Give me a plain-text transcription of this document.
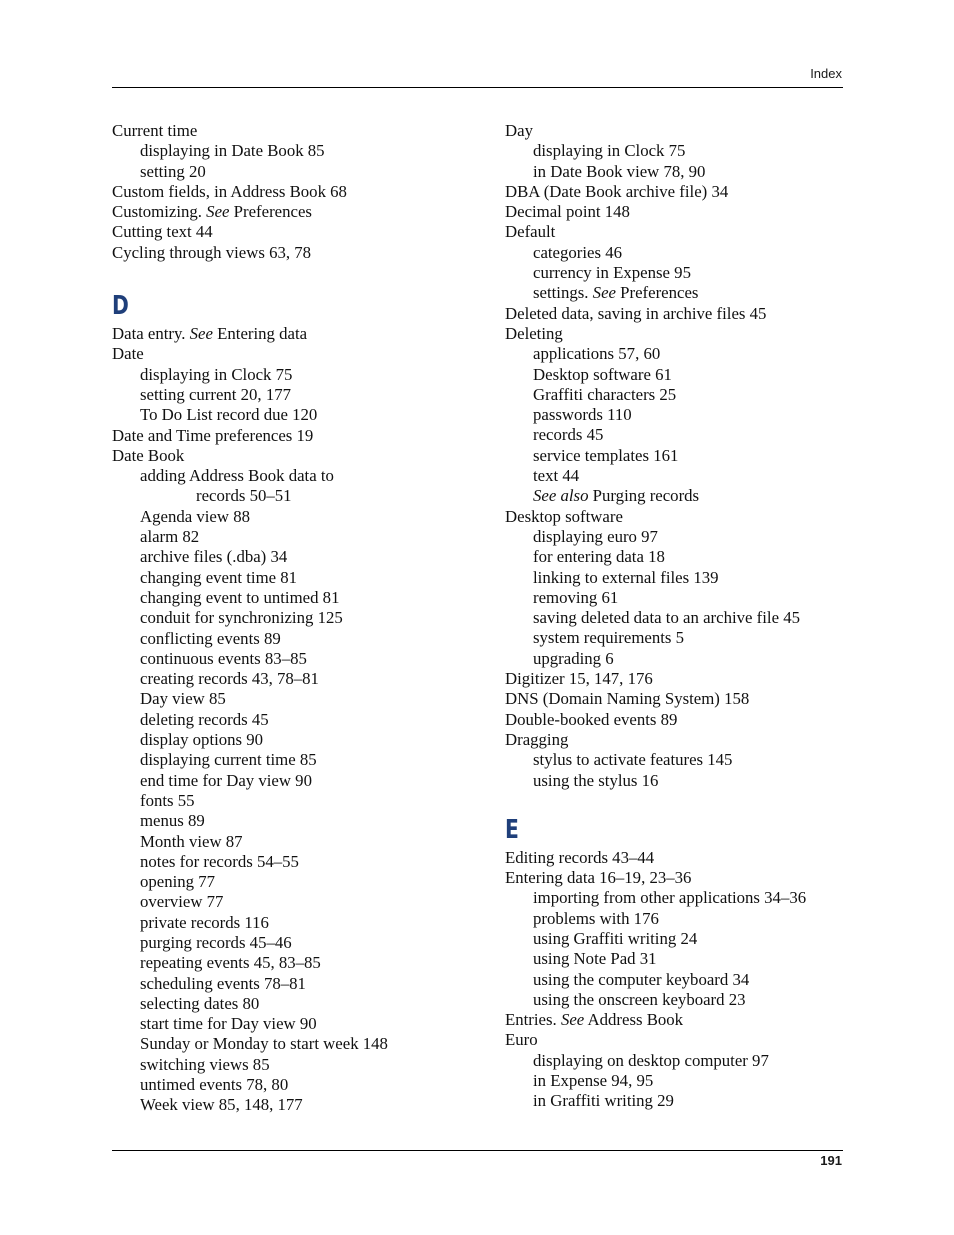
Index
Current time
displaying in Date Book 85
setting 20
Custom fields, in Address Book 68
Customizing. See Preferences
Cutting text 44
Cycling through views 63, 78
D
Data entry. See Entering data
Date
displaying in Clock 75
setting current 20, 177
To Do List record due 120
Date and Time preferences 19
Date Book
adding Address Book data to
records 50–51
Agenda view 88
alarm 82
archive files (.dba) 34
changing event time 81
changing event to untimed 81
conduit for synchronizing 125
conflicting events 89
continuous events 83–85
creating records 43, 78–81
Day view 85
deleting records 45
display options 90
displaying current time 85
end time for Day view 90
fonts 55
menus 89
Month view 87
notes for records 54–55
opening 77
overview 77
private records 116
purging records 45–46
repeating events 45, 83–85
scheduling events 78–81
selecting dates 80
start time for Day view 90
Sunday or Monday to start week 148
switching views 85
untimed events 78, 80
Week view 85, 148, 177
Day
displaying in Clock 75
in Date Book view 78, 90
DBA (Date Book archive file) 34
Decimal point 148
Default
categories 46
currency in Expense 95
settings. See Preferences
Deleted data, saving in archive files 45
Deleting
applications 57, 60
Desktop software 61
Graffiti characters 25
passwords 110
records 45
service templates 161
text 44
See also Purging records
Desktop software
displaying euro 97
for entering data 18
linking to external files 139
removing 61
saving deleted data to an archive file 45
system requirements 5
upgrading 6
Digitizer 15, 147, 176
DNS (Domain Naming System) 158
Double-booked events 89
Dragging
stylus to activate features 145
using the stylus 16
E
Editing records 43–44
Entering data 16–19, 23–36
importing from other applications 34–36
problems with 176
using Graffiti writing 24
using Note Pad 31
using the computer keyboard 34
using the onscreen keyboard 23
Entries. See Address Book
Euro
displaying on desktop computer 97
in Expense 94, 95
in Graffiti writing 29
191
